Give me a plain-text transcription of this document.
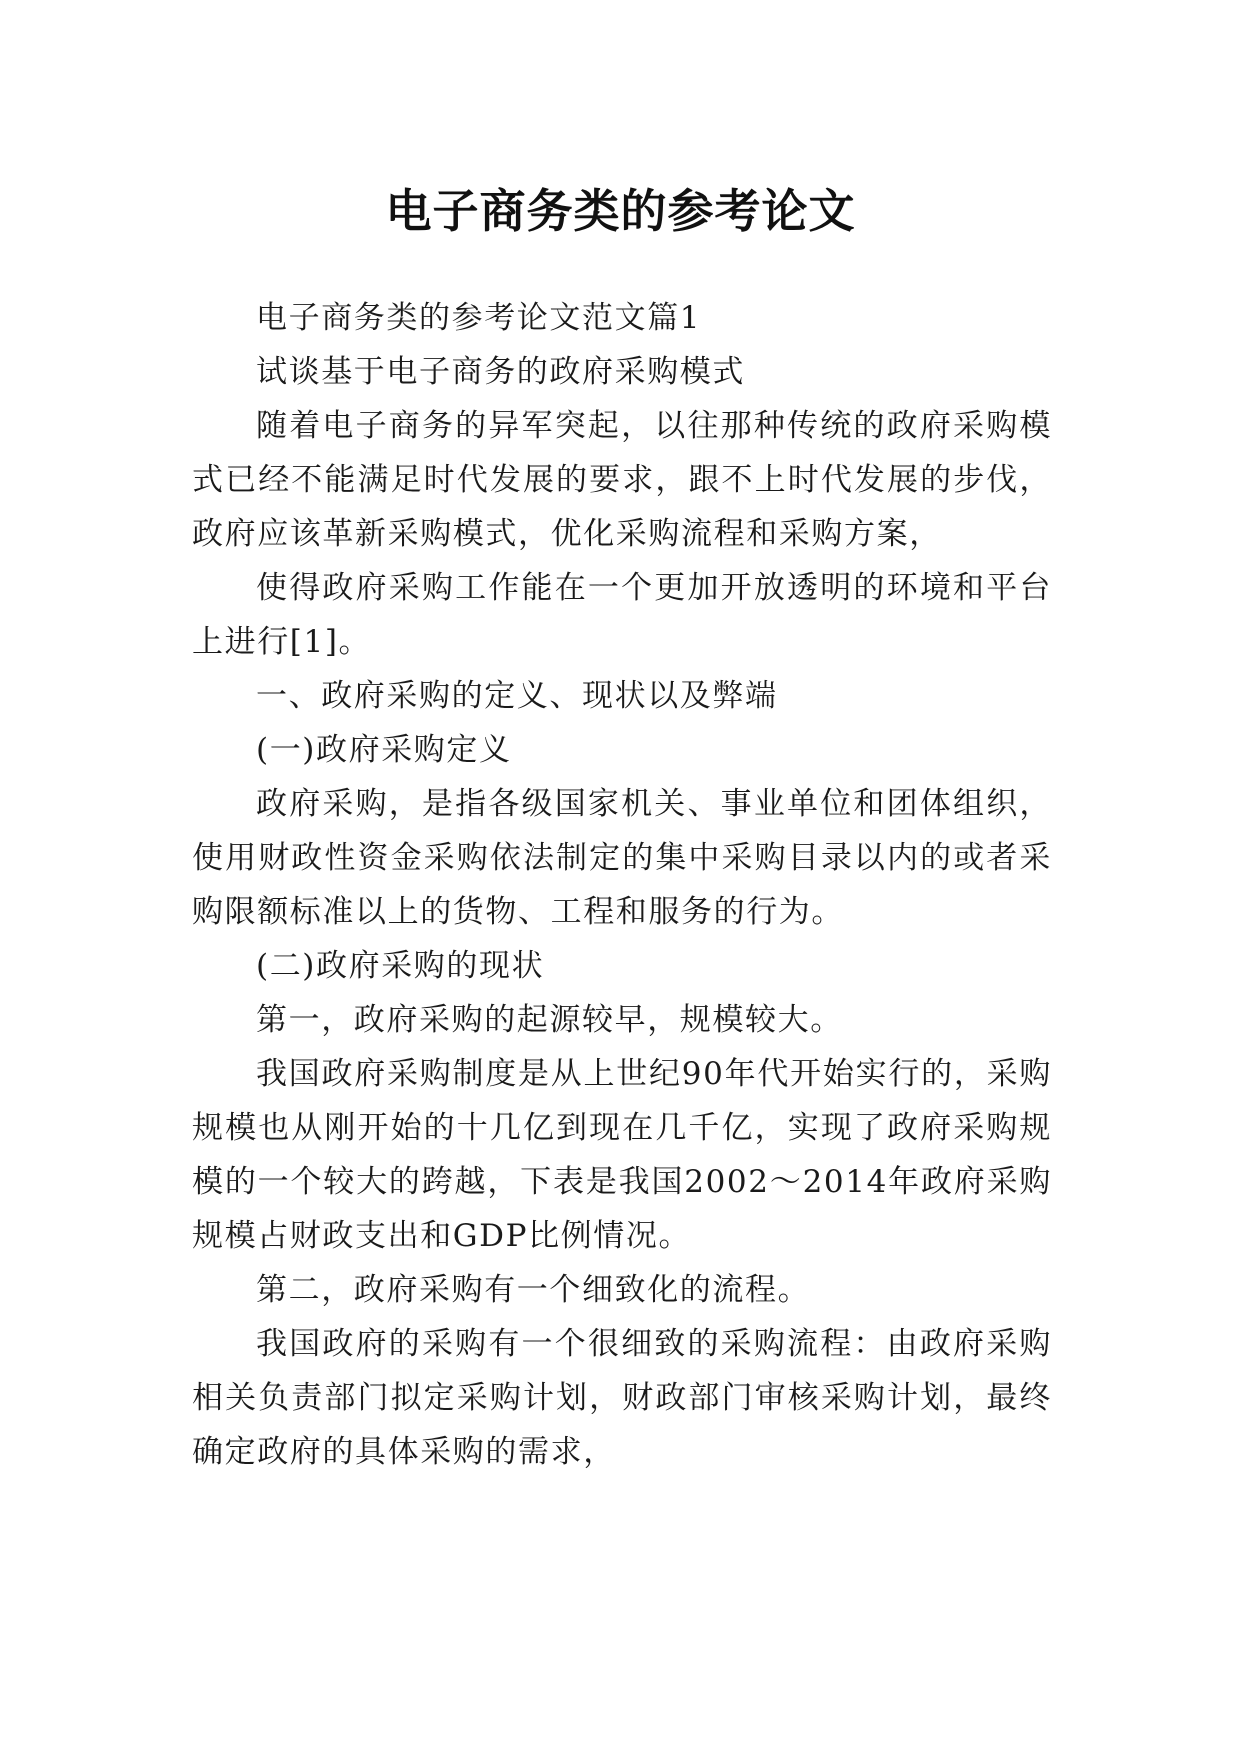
电子商务类的参考论文

电子商务类的参考论文范文篇1

试谈基于电子商务的政府采购模式

随着电子商务的异军突起，以往那种传统的政府采购模式已经不能满足时代发展的要求，跟不上时代发展的步伐，政府应该革新采购模式，优化采购流程和采购方案，

使得政府采购工作能在一个更加开放透明的环境和平台上进行[1]。

一、政府采购的定义、现状以及弊端

(一)政府采购定义

政府采购，是指各级国家机关、事业单位和团体组织，使用财政性资金采购依法制定的集中采购目录以内的或者采购限额标准以上的货物、工程和服务的行为。

(二)政府采购的现状

第一，政府采购的起源较早，规模较大。

我国政府采购制度是从上世纪90年代开始实行的，采购规模也从刚开始的十几亿到现在几千亿，实现了政府采购规模的一个较大的跨越，下表是我国2002～2014年政府采购规模占财政支出和GDP比例情况。

第二，政府采购有一个细致化的流程。

我国政府的采购有一个很细致的采购流程：由政府采购相关负责部门拟定采购计划，财政部门审核采购计划，最终确定政府的具体采购的需求，
